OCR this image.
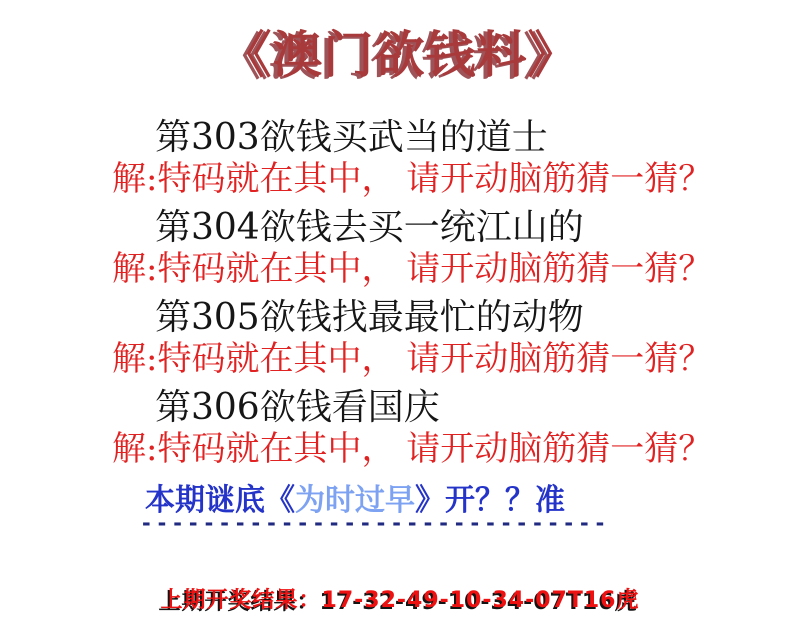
《澳门欲钱料》
第303欲钱买武当的道士
解:特码就在其中， 请开动脑筋猜一猜？
第304欲钱去买一统江山的
解:特码就在其中， 请开动脑筋猜一猜？
第305欲钱找最最忙的动物
解:特码就在其中， 请开动脑筋猜一猜？
第306欲钱看国庆
解:特码就在其中， 请开动脑筋猜一猜？
本期谜底《为时过早》开？？准
------------------------------
上期开奖结果：17-32-49-10-34-07T16虎
